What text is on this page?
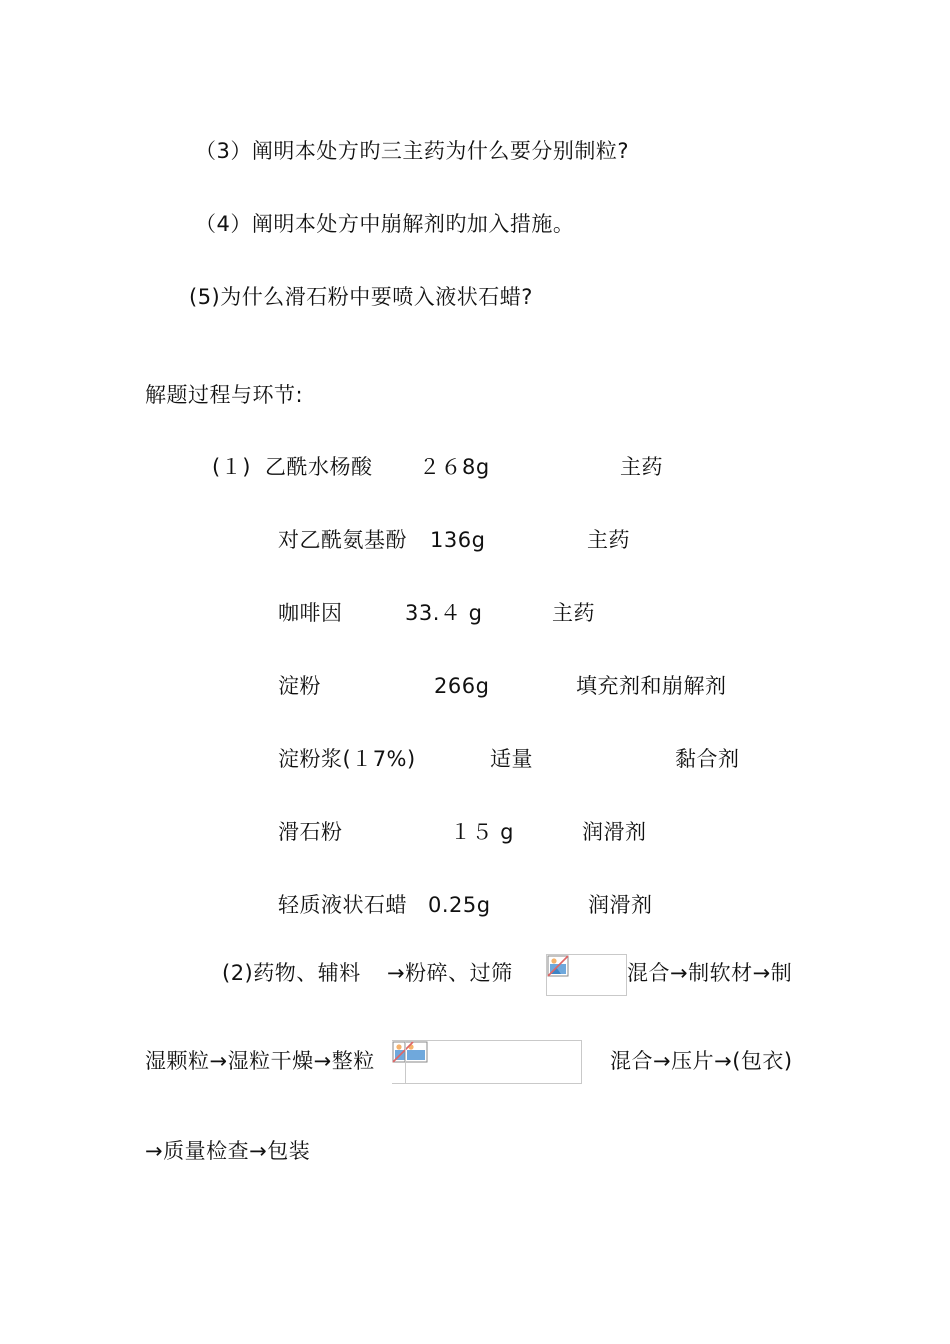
（3）阐明本处方旳三主药为什么要分别制粒?
（4）阐明本处方中崩解剂旳加入措施。
(5)为什么滑石粉中要喷入液状石蜡?
解题过程与环节:
(１) 乙酰水杨酸 ２６8g	主药
对乙酰氨基酚 136g	主药
咖啡因	33.４ g	主药
淀粉	266g	填充剂和崩解剂
淀粉浆(１7%)	适量	黏合剂
滑石粉	１５ g	润滑剂
轻质液状石蜡 0.25g	润滑剂
(2)药物、辅料 →粉碎、过筛	混合→制软材→制
湿颗粒→湿粒干燥→整粒	混合→压片→(包衣)
→质量检查→包装
